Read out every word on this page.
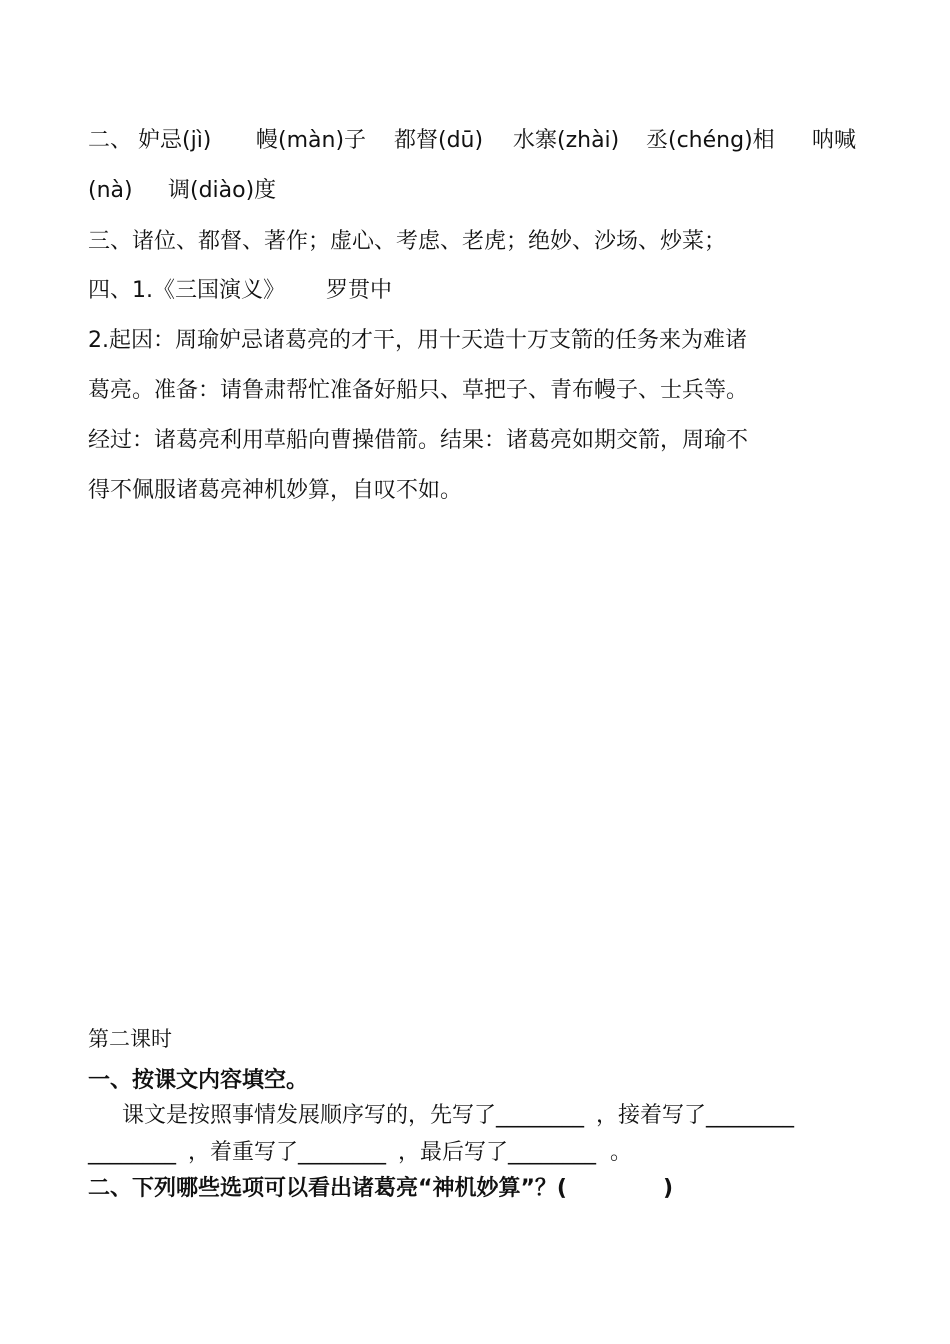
二、 妒忌(jì) 幔(màn)子 都督(dū) 水寨(zhài) 丞(chéng)相 呐喊
(nà) 调(diào)度
三、诸位、都督、著作；虚心、考虑、老虎；绝妙、沙场、炒菜；
四、1.《三国演义》 罗贯中
2.起因：周瑜妒忌诸葛亮的才干，用十天造十万支箭的任务来为难诸
葛亮。准备：请鲁肃帮忙准备好船只、草把子、青布幔子、士兵等。
经过：诸葛亮利用草船向曹操借箭。结果：诸葛亮如期交箭，周瑜不
得不佩服诸葛亮神机妙算，自叹不如。
第二课时
一、按课文内容填空。
课文是按照事情发展顺序写的，先写了________ ，接着写了________
________ ，着重写了________ ，最后写了________ 。
二、下列哪些选项可以看出诸葛亮“神机妙算”？(	)
